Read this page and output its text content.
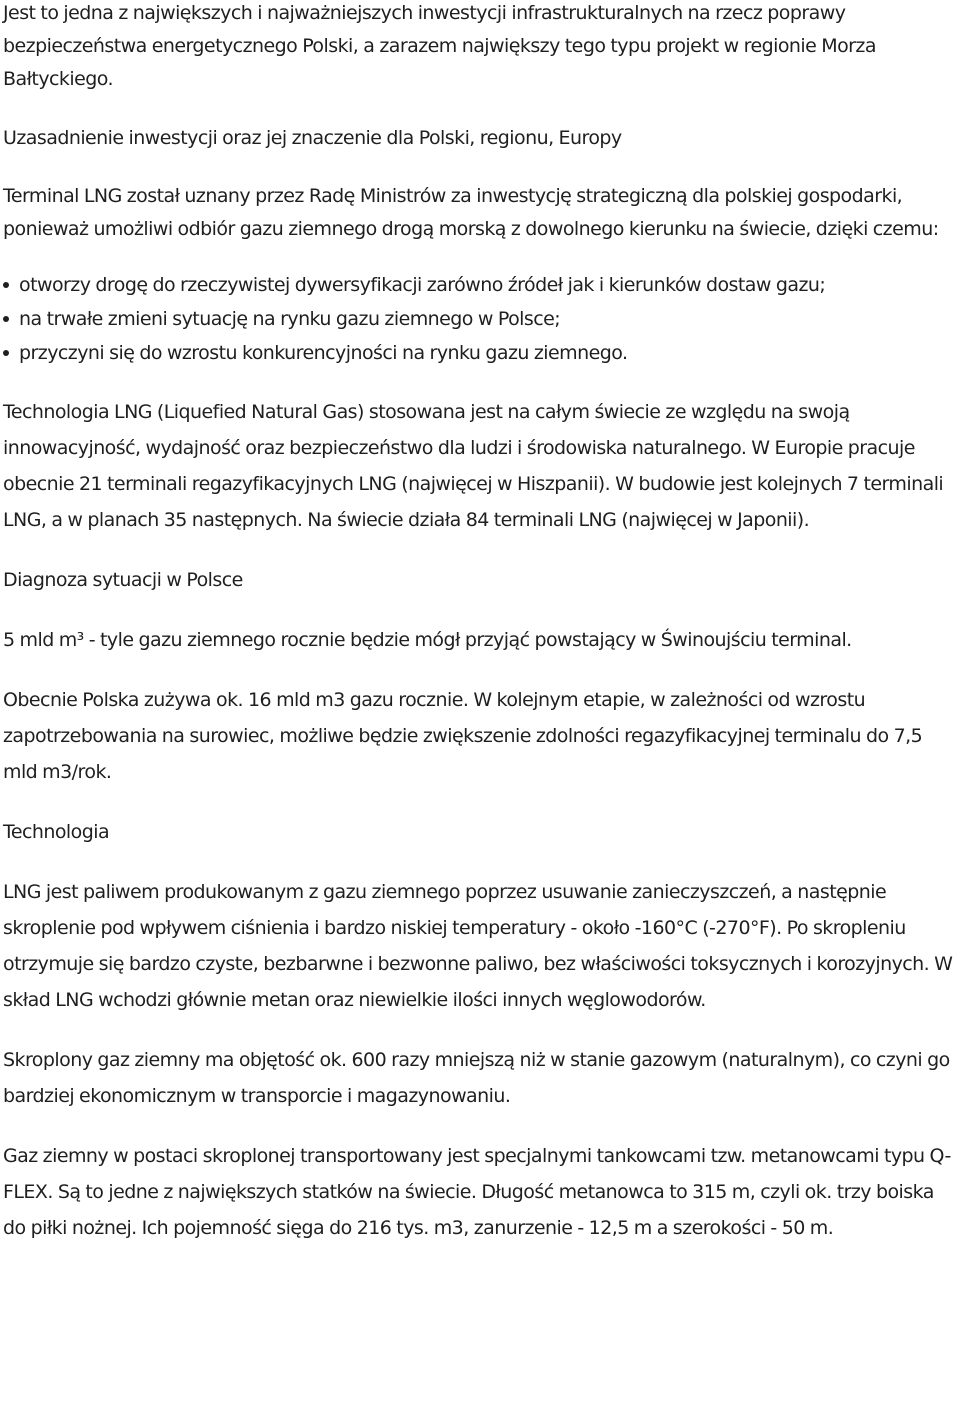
Jest to jedna z największych i najważniejszych inwestycji infrastrukturalnych na rzecz poprawy bezpieczeństwa energetycznego Polski, a zarazem największy tego typu projekt w regionie Morza Bałtyckiego.

Uzasadnienie inwestycji oraz jej znaczenie dla Polski, regionu, Europy

Terminal LNG został uznany przez Radę Ministrów za inwestycję strategiczną dla polskiej gospodarki, ponieważ umożliwi odbiór gazu ziemnego drogą morską z dowolnego kierunku na świecie, dzięki czemu:

otworzy drogę do rzeczywistej dywersyfikacji zarówno źródeł jak i kierunków dostaw gazu;
na trwałe zmieni sytuację na rynku gazu ziemnego w Polsce;
przyczyni się do wzrostu konkurencyjności na rynku gazu ziemnego.

Technologia LNG (Liquefied Natural Gas) stosowana jest na całym świecie ze względu na swoją innowacyjność, wydajność oraz bezpieczeństwo dla ludzi i środowiska naturalnego. W Europie pracuje obecnie 21 terminali regazyfikacyjnych LNG (najwięcej w Hiszpanii). W budowie jest kolejnych 7 terminali LNG, a w planach 35 następnych. Na świecie działa 84 terminali LNG (najwięcej w Japonii).

Diagnoza sytuacji w Polsce

5 mld m³ - tyle gazu ziemnego rocznie będzie mógł przyjąć powstający w Świnoujściu terminal.

Obecnie Polska zużywa ok. 16 mld m3 gazu rocznie. W kolejnym etapie, w zależności od wzrostu zapotrzebowania na surowiec, możliwe będzie zwiększenie zdolności regazyfikacyjnej terminalu do 7,5 mld m3/rok.

Technologia

LNG jest paliwem produkowanym z gazu ziemnego poprzez usuwanie zanieczyszczeń, a następnie skroplenie pod wpływem ciśnienia i bardzo niskiej temperatury - około -160°C (-270°F). Po skropleniu otrzymuje się bardzo czyste, bezbarwne i bezwonne paliwo, bez właściwości toksycznych i korozyjnych. W skład LNG wchodzi głównie metan oraz niewielkie ilości innych węglowodorów.

Skroplony gaz ziemny ma objętość ok. 600 razy mniejszą niż w stanie gazowym (naturalnym), co czyni go bardziej ekonomicznym w transporcie i magazynowaniu.

Gaz ziemny w postaci skroplonej transportowany jest specjalnymi tankowcami tzw. metanowcami typu Q-FLEX. Są to jedne z największych statków na świecie. Długość metanowca to 315 m, czyli ok. trzy boiska do piłki nożnej. Ich pojemność sięga do 216 tys. m3, zanurzenie - 12,5 m a szerokości - 50 m.
